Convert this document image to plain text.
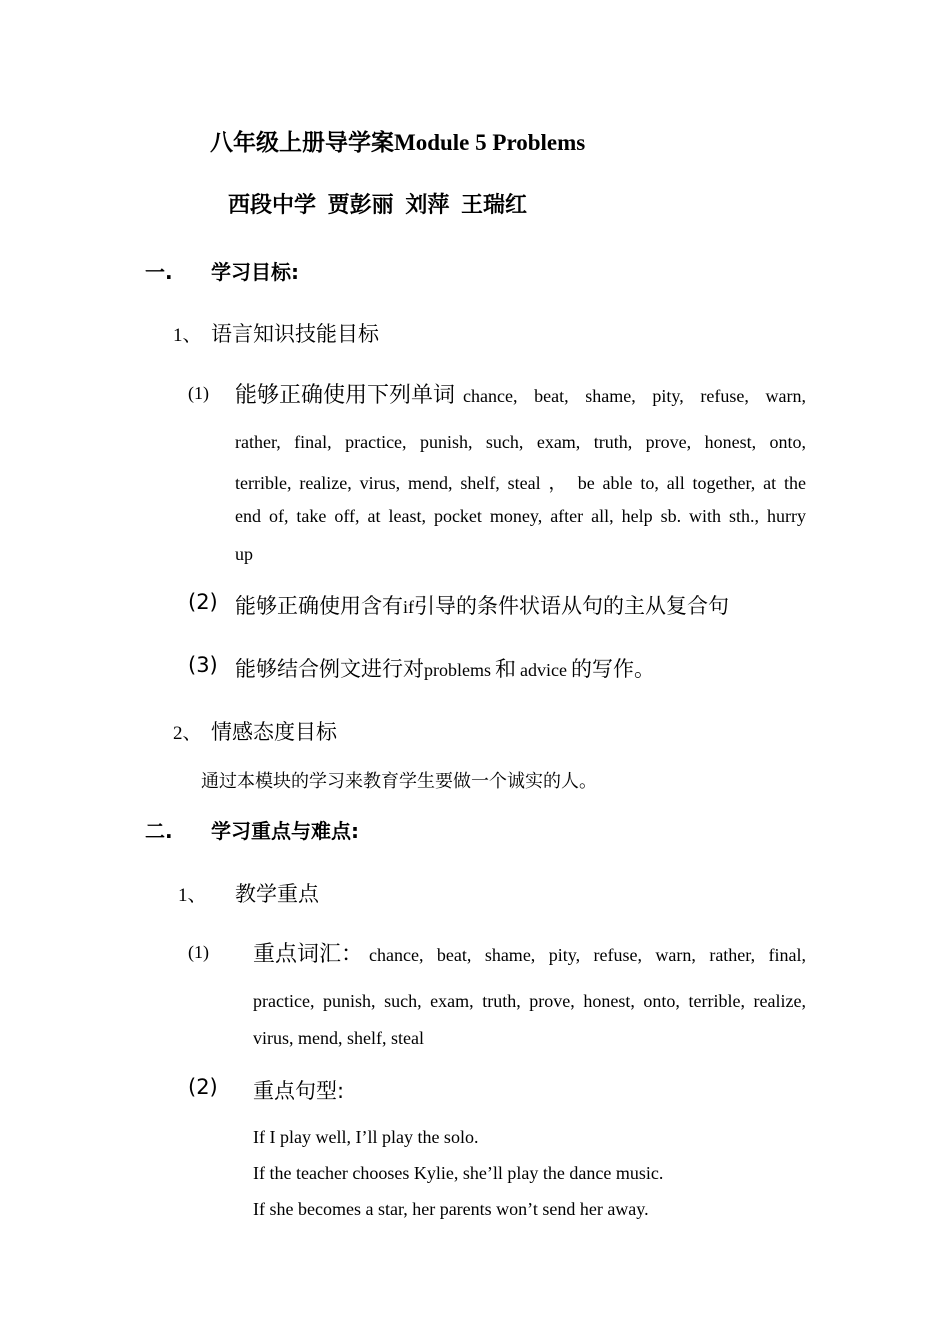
八年级上册导学案Module 5 Problems
西段中学 贾彭丽 刘萍 王瑞红
一. 学习目标:
1、 语言知识技能目标
(1) 能够正确使用下列单词 chance, beat, shame, pity, refuse, warn,
rather, final, practice, punish, such, exam, truth, prove, honest, onto,
terrible, realize, virus, mend, shelf, steal ， be able to, all together, at the
end of, take off, at least, pocket money, after all, help sb. with sth., hurry
up
(2) 能够正确使用含有if引导的条件状语从句的主从复合句
(3) 能够结合例文进行对problems 和 advice 的写作。
2、 情感态度目标
通过本模块的学习来教育学生要做一个诚实的人。
二. 学习重点与难点:
1、 教学重点
(1) 重点词汇： chance, beat, shame, pity, refuse, warn, rather, final,
practice, punish, such, exam, truth, prove, honest, onto, terrible, realize,
virus, mend, shelf, steal
(2) 重点句型:
If I play well, I’ll play the solo.
If the teacher chooses Kylie, she’ll play the dance music.
If she becomes a star, her parents won’t send her away.
